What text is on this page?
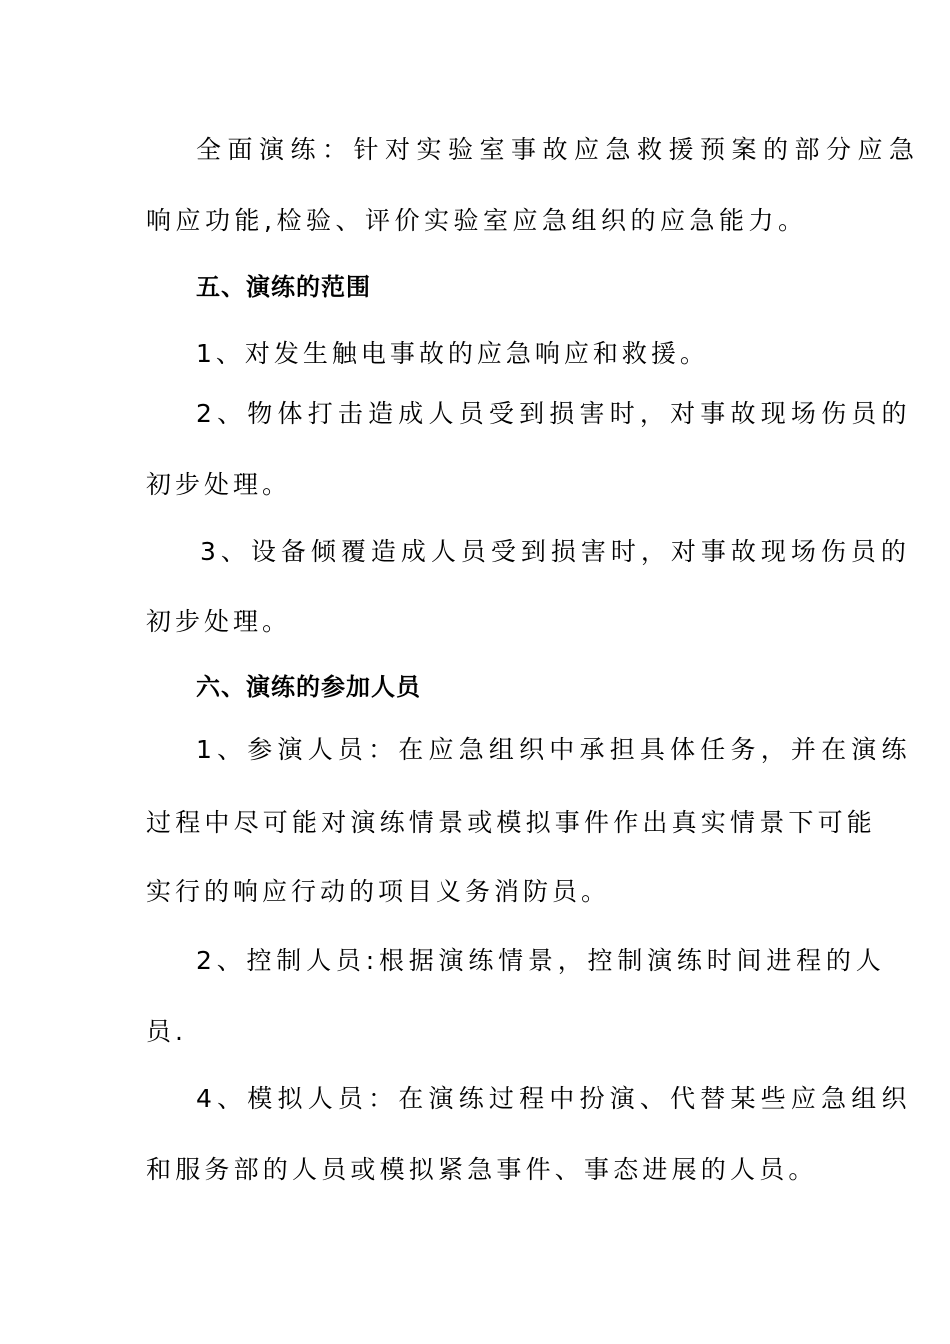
全面演练：针对实验室事故应急救援预案的部分应急
响应功能,检验、评价实验室应急组织的应急能力。
五、演练的范围
1、对发生触电事故的应急响应和救援。
2、物体打击造成人员受到损害时，对事故现场伤员的
初步处理。
3、设备倾覆造成人员受到损害时，对事故现场伤员的
初步处理。
六、演练的参加人员
1、参演人员：在应急组织中承担具体任务，并在演练
过程中尽可能对演练情景或模拟事件作出真实情景下可能
实行的响应行动的项目义务消防员。
2、控制人员:根据演练情景，控制演练时间进程的人
员.
4、模拟人员：在演练过程中扮演、代替某些应急组织
和服务部的人员或模拟紧急事件、事态进展的人员。
